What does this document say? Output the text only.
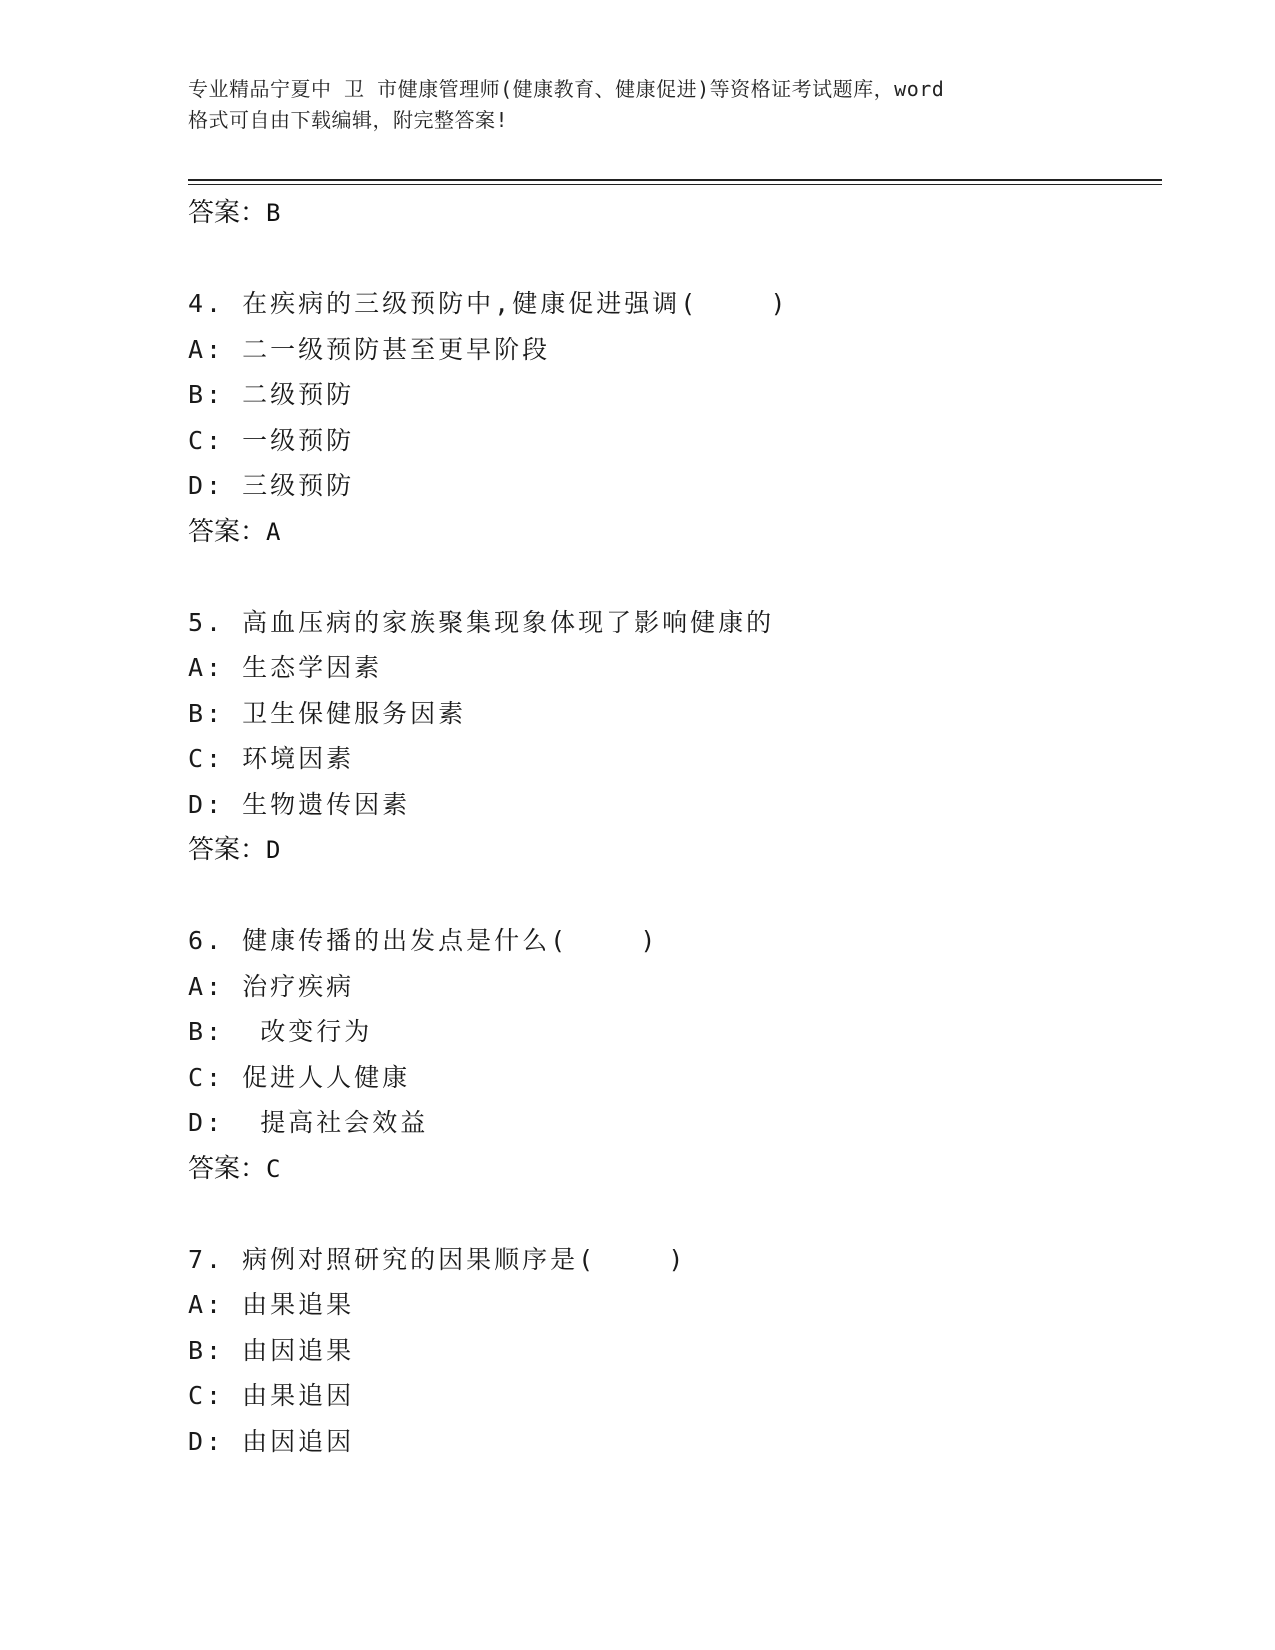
专业精品宁夏中 卫 市健康管理师(健康教育、健康促进)等资格证考试题库，word
格式可自由下载编辑，附完整答案!
答案：B
4. 在疾病的三级预防中,健康促进强调(    )
A: 二一级预防甚至更早阶段
B: 二级预防
C: 一级预防
D: 三级预防
答案：A
5. 高血压病的家族聚集现象体现了影响健康的
A: 生态学因素
B: 卫生保健服务因素
C: 环境因素
D: 生物遗传因素
答案：D
6. 健康传播的出发点是什么(    )
A: 治疗疾病
B:  改变行为
C: 促进人人健康
D:  提高社会效益
答案：C
7. 病例对照研究的因果顺序是(    )
A: 由果追果
B: 由因追果
C: 由果追因
D: 由因追因
